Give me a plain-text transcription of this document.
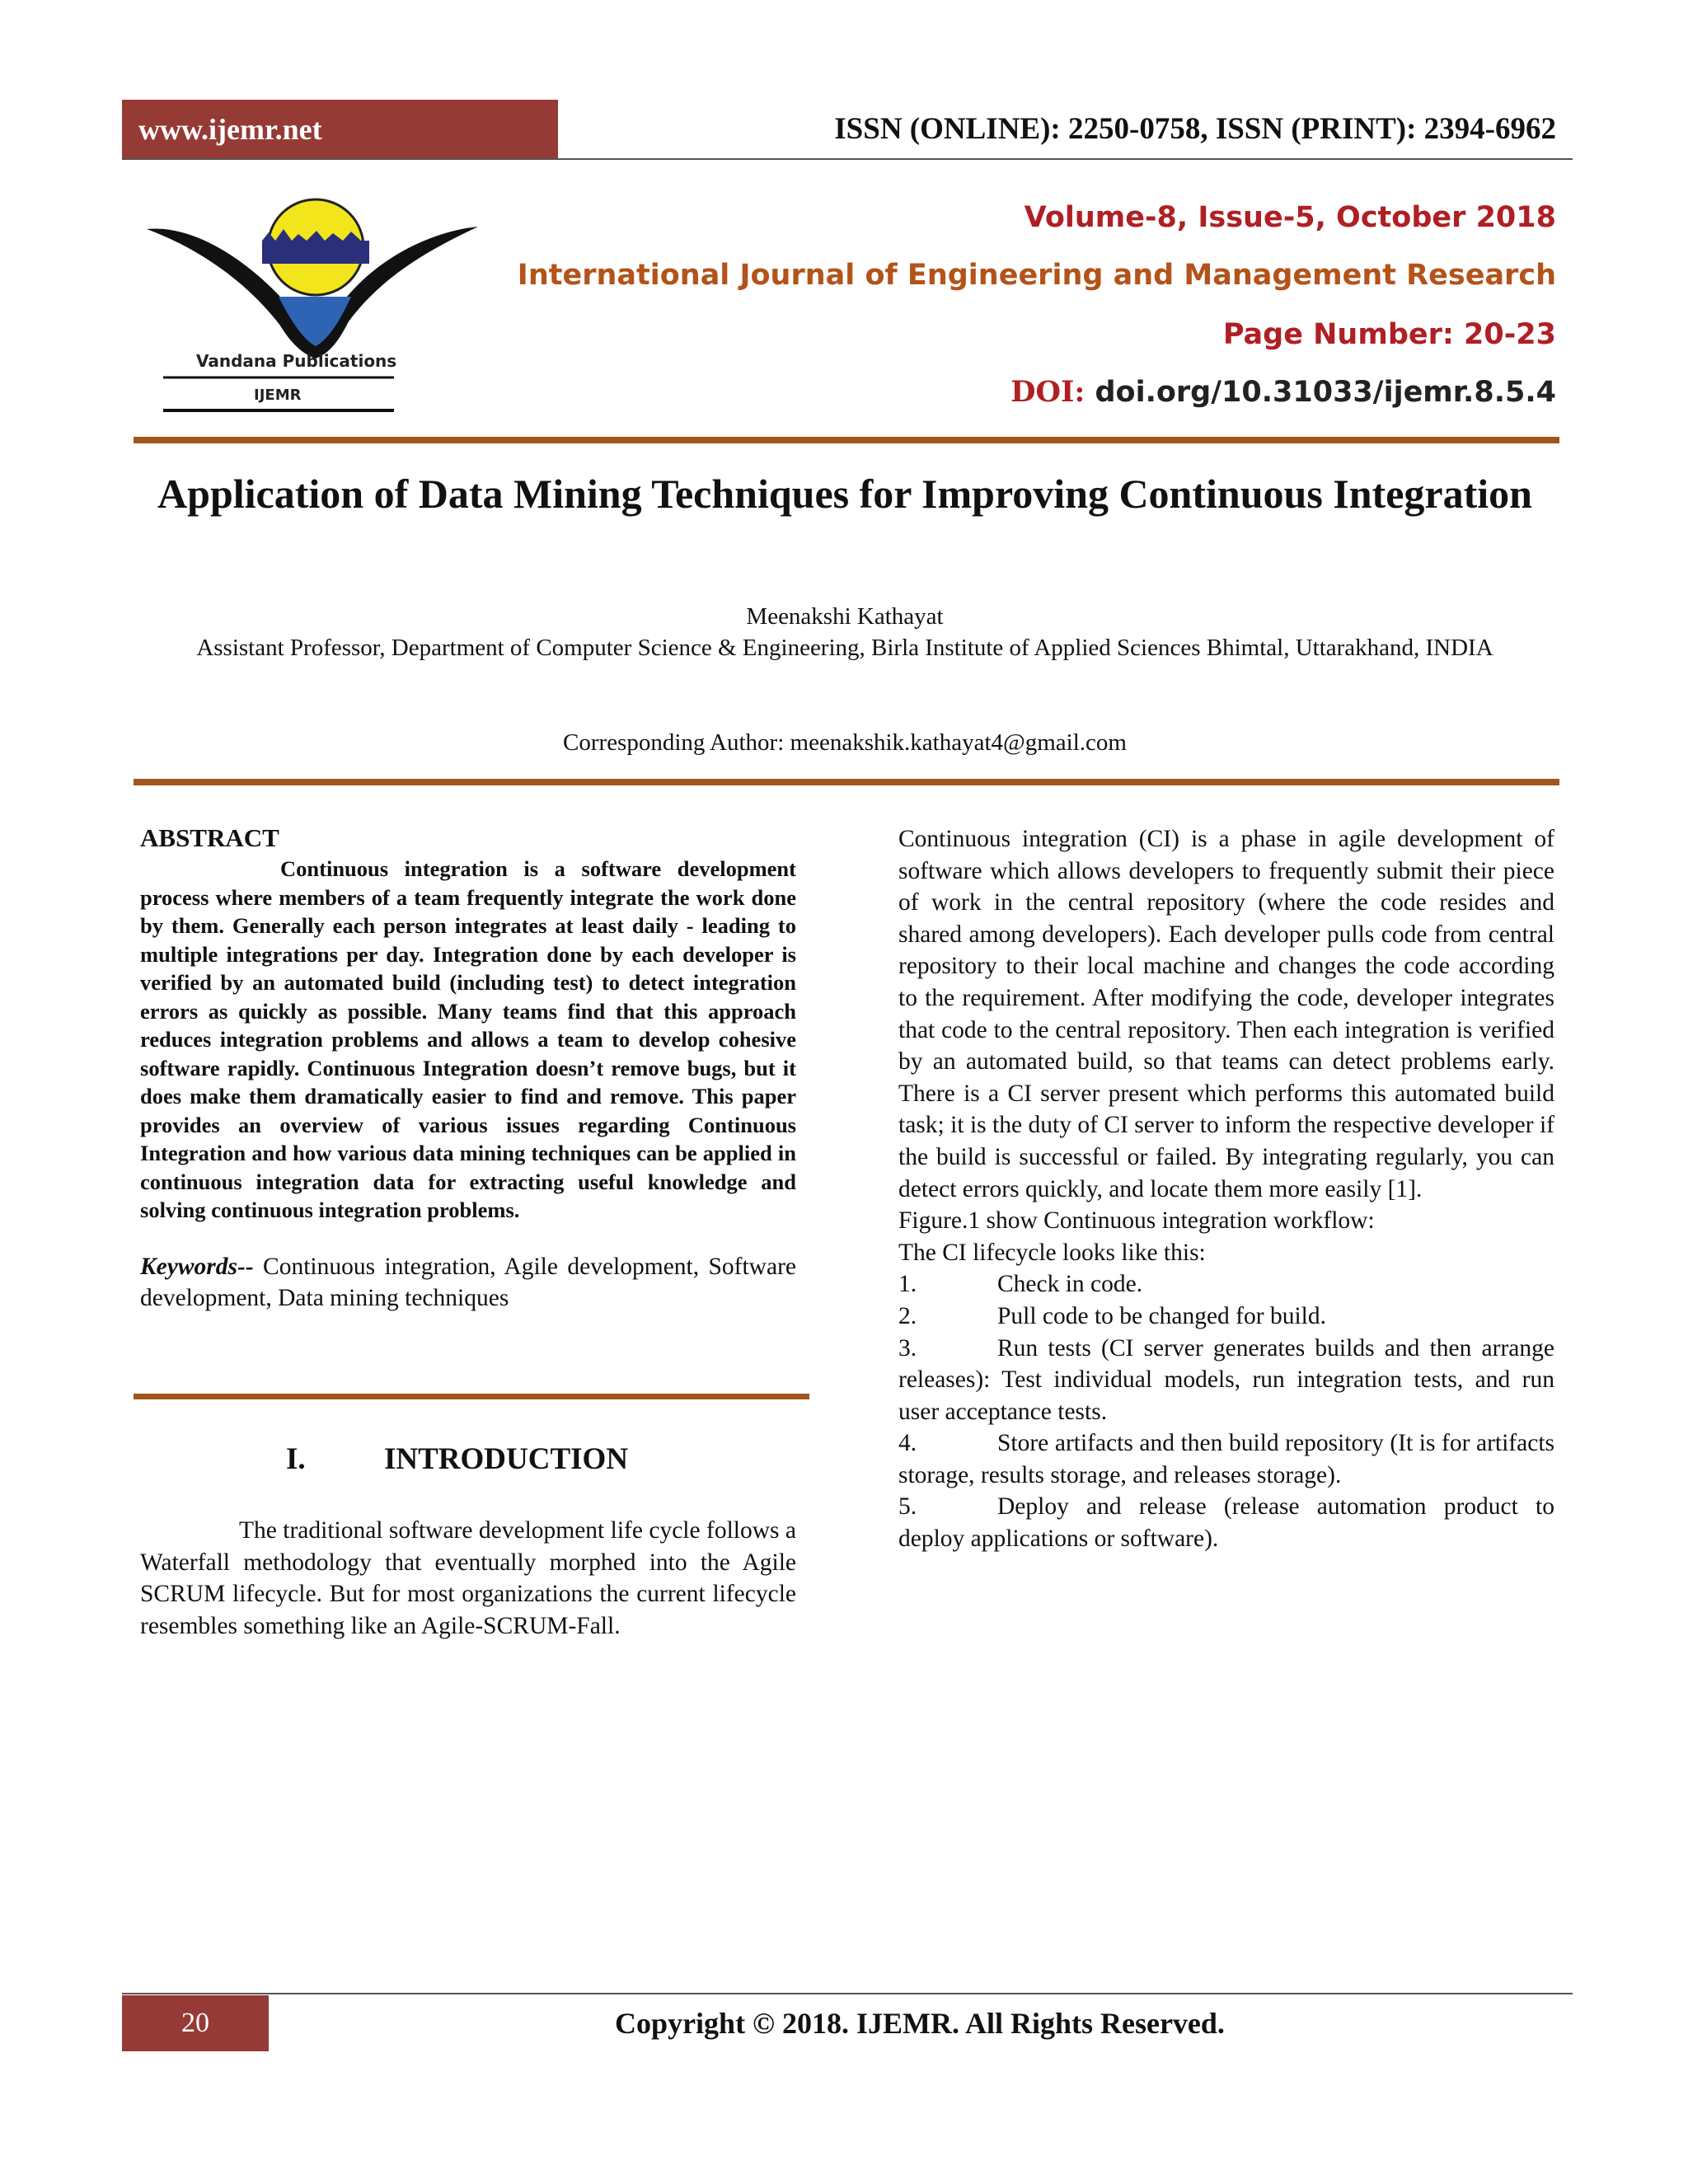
www.ijemr.net	ISSN (ONLINE): 2250-0758, ISSN (PRINT): 2394-6962
Vandana Publications
IJEMR
Volume-8, Issue-5, October 2018
International Journal of Engineering and Management Research
Page Number: 20-23
DOI: doi.org/10.31033/ijemr.8.5.4
Application of Data Mining Techniques for Improving Continuous Integration
Meenakshi Kathayat
Assistant Professor, Department of Computer Science & Engineering, Birla Institute of Applied Sciences Bhimtal, Uttarakhand, INDIA
Corresponding Author: meenakshik.kathayat4@gmail.com
ABSTRACT

Continuous integration is a software development process where members of a team frequently integrate the work done by them. Generally each person integrates at least daily - leading to multiple integrations per day. Integration done by each developer is verified by an automated build (including test) to detect integration errors as quickly as possible. Many teams find that this approach reduces integration problems and allows a team to develop cohesive software rapidly. Continuous Integration doesn’t remove bugs, but it does make them dramatically easier to find and remove. This paper provides an overview of various issues regarding Continuous Integration and how various data mining techniques can be applied in continuous integration data for extracting useful knowledge and solving continuous integration problems.

Keywords-- Continuous integration, Agile development, Software development, Data mining techniques
I.	INTRODUCTION

The traditional software development life cycle follows a Waterfall methodology that eventually morphed into the Agile SCRUM lifecycle. But for most organizations the current lifecycle resembles something like an Agile-SCRUM-Fall.

Continuous integration (CI) is a phase in agile development of software which allows developers to frequently submit their piece of work in the central repository (where the code resides and shared among developers). Each developer pulls code from central repository to their local machine and changes the code according to the requirement. After modifying the code, developer integrates that code to the central repository. Then each integration is verified by an automated build, so that teams can detect problems early. There is a CI server present which performs this automated build task; it is the duty of CI server to inform the respective developer if the build is successful or failed. By integrating regularly, you can detect errors quickly, and locate them more easily [1].

Figure.1 show Continuous integration workflow:

The CI lifecycle looks like this:

1.	Check in code.
2.	Pull code to be changed for build.
3.	Run tests (CI server generates builds and then arrange releases): Test individual models, run integration tests, and run user acceptance tests.
4.	Store artifacts and then build repository (It is for artifacts storage, results storage, and releases storage).
5.	Deploy and release (release automation product to deploy applications or software).
20	Copyright © 2018. IJEMR. All Rights Reserved.
